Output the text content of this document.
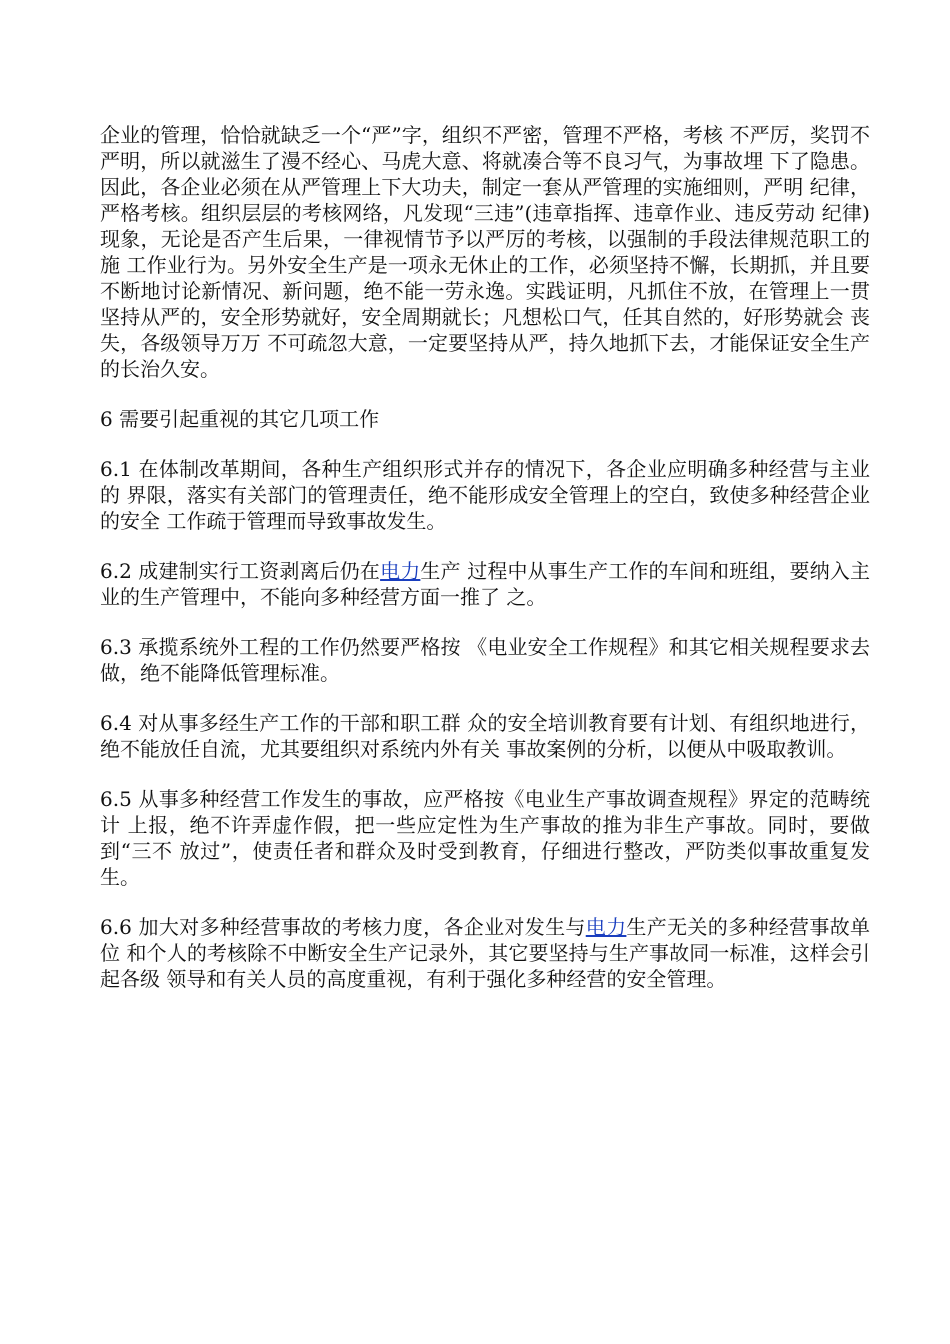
企业的管理，恰恰就缺乏一个“严”字，组织不严密，管理不严格，考核 不严厉，奖罚不严明，所以就滋生了漫不经心、马虎大意、将就凑合等不良习气，为事故埋 下了隐患。因此，各企业必须在从严管理上下大功夫，制定一套从严管理的实施细则，严明 纪律，严格考核。组织层层的考核网络，凡发现“三违”(违章指挥、违章作业、违反劳动 纪律)现象，无论是否产生后果，一律视情节予以严厉的考核，以强制的手段法律规范职工的施 工作业行为。另外安全生产是一项永无休止的工作，必须坚持不懈，长期抓，并且要不断地讨论新情况、新问题，绝不能一劳永逸。实践证明，凡抓住不放，在管理上一贯坚持从严的，安全形势就好，安全周期就长；凡想松口气，任其自然的，好形势就会 丧失，各级领导万万 不可疏忽大意，一定要坚持从严，持久地抓下去，才能保证安全生产的长治久安。

6 需要引起重视的其它几项工作

6.1 在体制改革期间，各种生产组织形式并存的情况下，各企业应明确多种经营与主业的 界限，落实有关部门的管理责任，绝不能形成安全管理上的空白，致使多种经营企业的安全 工作疏于管理而导致事故发生。

6.2 成建制实行工资剥离后仍在电力生产 过程中从事生产工作的车间和班组，要纳入主业的生产管理中，不能向多种经营方面一推了 之。

6.3 承揽系统外工程的工作仍然要严格按 《电业安全工作规程》和其它相关规程要求去做，绝不能降低管理标准。

6.4 对从事多经生产工作的干部和职工群 众的安全培训教育要有计划、有组织地进行，绝不能放任自流，尤其要组织对系统内外有关 事故案例的分析，以便从中吸取教训。

6.5 从事多种经营工作发生的事故，应严格按《电业生产事故调查规程》界定的范畴统计 上报，绝不许弄虚作假，把一些应定性为生产事故的推为非生产事故。同时，要做到“三不 放过”，使责任者和群众及时受到教育，仔细进行整改，严防类似事故重复发生。

6.6 加大对多种经营事故的考核力度，各企业对发生与电力生产无关的多种经营事故单位 和个人的考核除不中断安全生产记录外，其它要坚持与生产事故同一标准，这样会引起各级 领导和有关人员的高度重视，有利于强化多种经营的安全管理。
